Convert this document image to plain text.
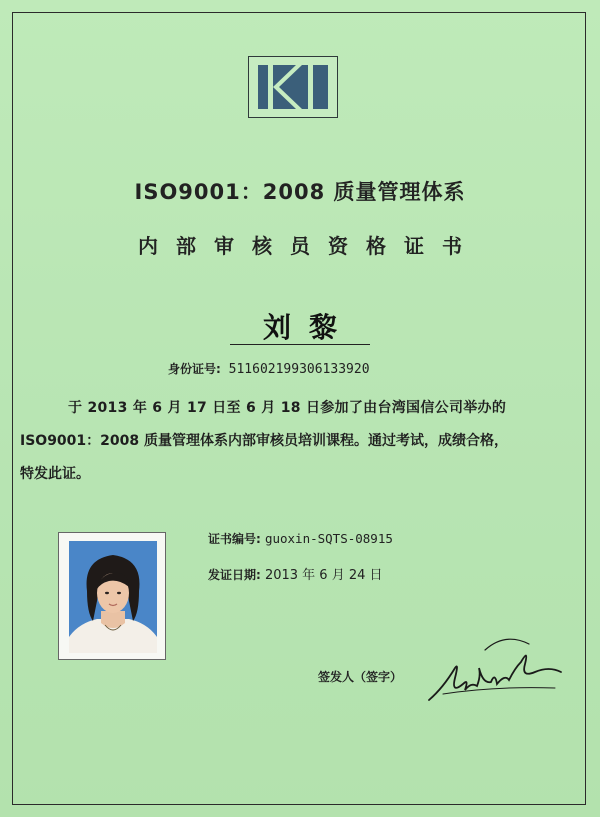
ISO9001：2008 质量管理体系
内部审核员资格证书
刘黎
身份证号: 511602199306133920
于 2013 年 6 月 17 日至 6 月 18 日参加了由台湾国信公司举办的
ISO9001：2008 质量管理体系内部审核员培训课程。通过考试，成绩合格，
特发此证。
证书编号: guoxin-SQTS-08915
发证日期: 2013 年 6 月 24 日
签发人（签字）
